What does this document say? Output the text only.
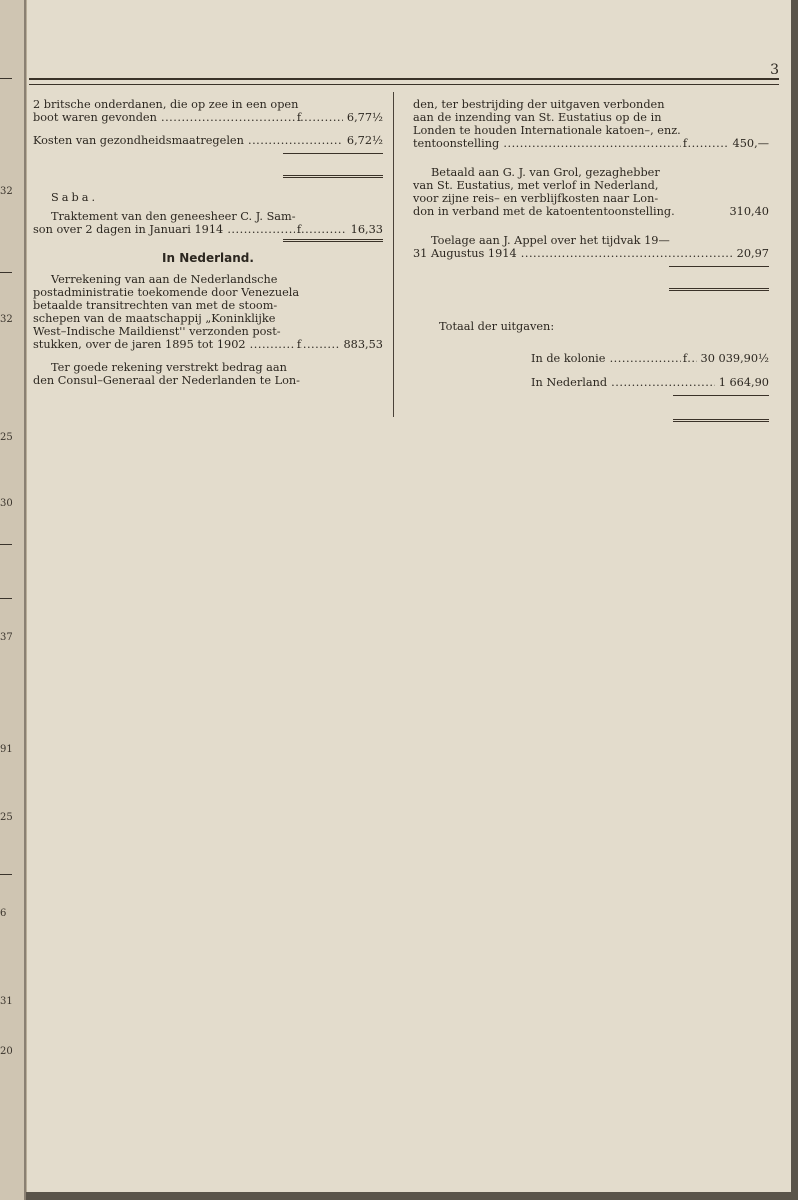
32
32
25
30
37
91
25
6
31
20
3
2 britsche onderdanen, die op zee in een open
boot waren gevonden .....	f	6,77½
Kosten van gezondheidsmaatregelen .....	6,72½
Saba.
Traktement van den geneesheer C. J. Sam-
son over 2 dagen in Januari 1914 .....	f	16,33
In Nederland.
Verrekening van aan de Nederlandsche
postadministratie toekomende door Venezuela
betaalde transitrechten van met de stoom-
schepen van de maatschappij „Koninklijke
West–Indische Maildienst'' verzonden post-
stukken, over de jaren 1895 tot 1902 .....	f	883,53
Ter goede rekening verstrekt bedrag aan
den Consul–Generaal der Nederlanden te Lon-
den, ter bestrijding der uitgaven verbonden
aan de inzending van St. Eustatius op de in
Londen te houden Internationale katoen–, enz.
tentoonstelling .....	f	450,—
Betaald aan G. J. van Grol, gezaghebber
van St. Eustatius, met verlof in Nederland,
voor zijne reis– en verblijfkosten naar Lon-
don in verband met de katoententoonstelling.	310,40
Toelage aan J. Appel over het tijdvak 19—
31 Augustus 1914 .....	20,97
Totaal der uitgaven:
In de kolonie .....	f	30 039,90½
In Nederland .....	1 664,90
